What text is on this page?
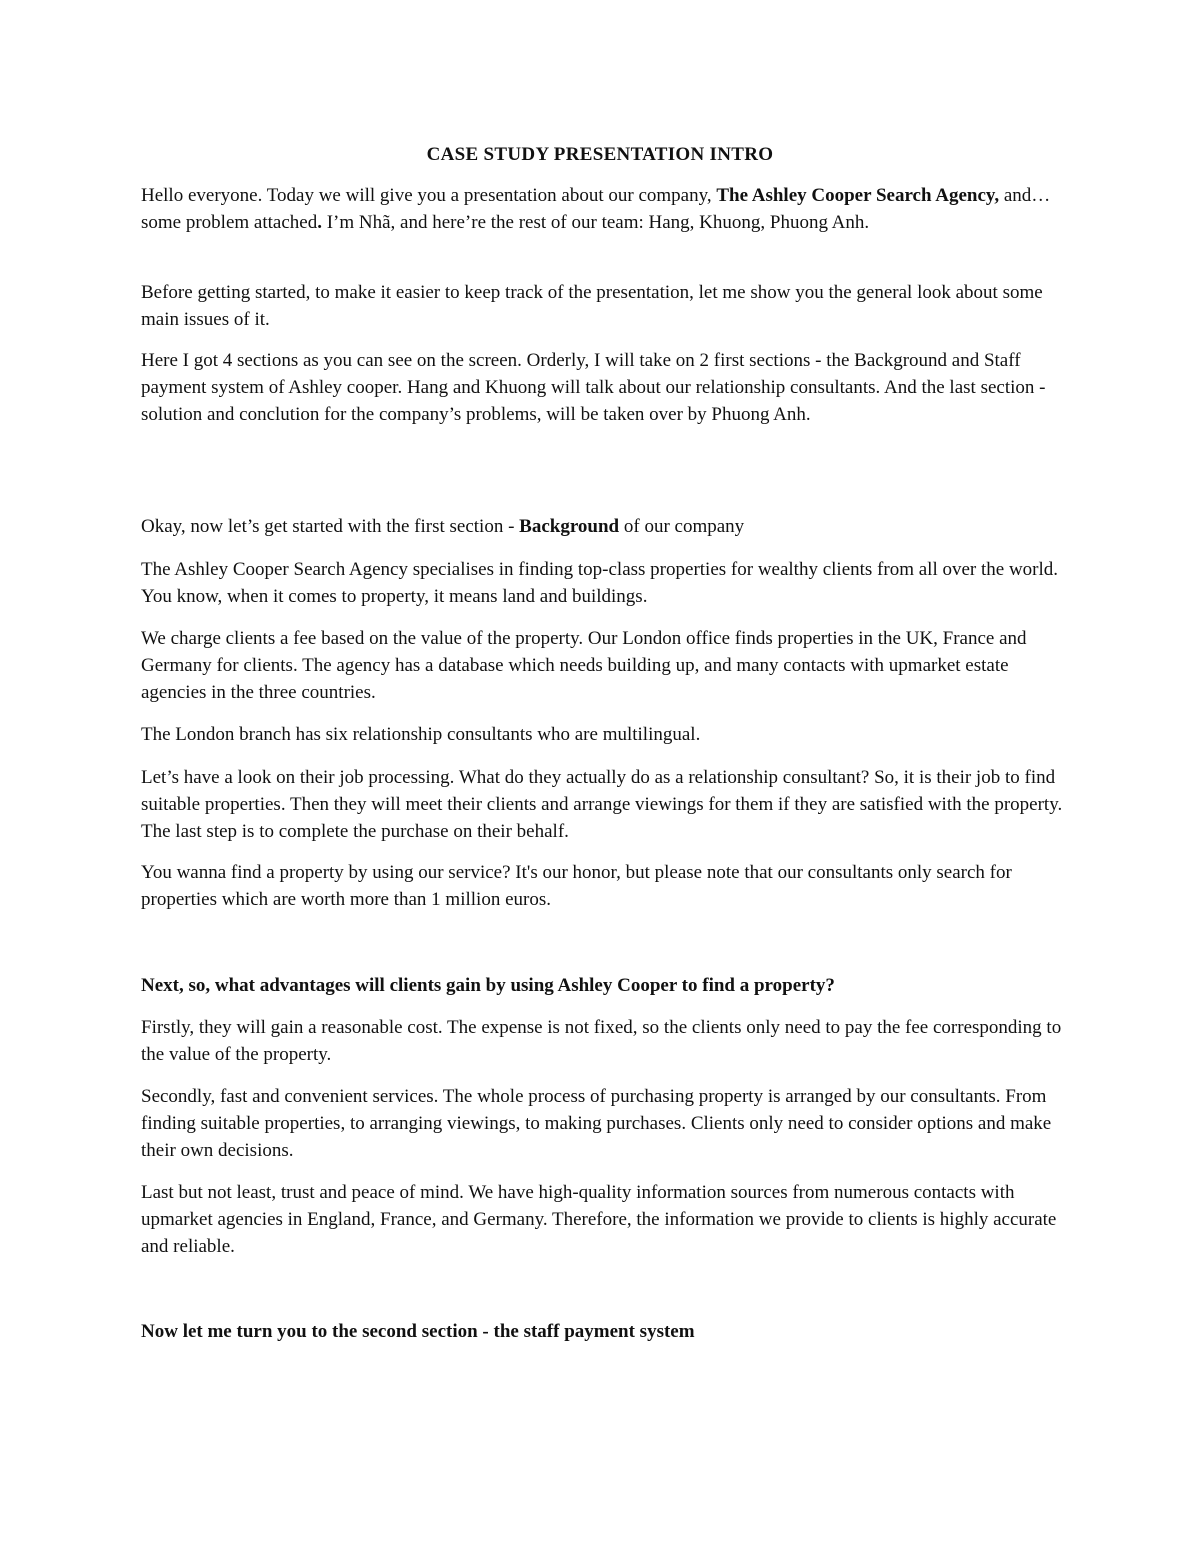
CASE STUDY PRESENTATION INTRO

Hello everyone. Today we will give you a presentation about our company, The Ashley Cooper Search Agency, and… some problem attached. I’m Nhã, and here’re the rest of our team: Hang, Khuong, Phuong Anh.

Before getting started, to make it easier to keep track of the presentation, let me show you the general look about some main issues of it.

Here I got 4 sections as you can see on the screen. Orderly, I will take on 2 first sections - the Background and Staff payment system of Ashley cooper. Hang and Khuong will talk about our relationship consultants. And the last section - solution and conclution for the company’s problems, will be taken over by Phuong Anh.

Okay, now let’s get started with the first section - Background of our company

The Ashley Cooper Search Agency specialises in finding top-class properties for wealthy clients from all over the world. You know, when it comes to property, it means land and buildings.

We charge clients a fee based on the value of the property. Our London office finds properties in the UK, France and Germany for clients. The agency has a database which needs building up, and many contacts with upmarket estate agencies in the three countries.

The London branch has six relationship consultants who are multilingual.

Let’s have a look on their job processing. What do they actually do as a relationship consultant? So, it is their job to find suitable properties. Then they will meet their clients and arrange viewings for them if they are satisfied with the property. The last step is to complete the purchase on their behalf.

You wanna find a property by using our service? It's our honor, but please note that our consultants only search for properties which are worth more than 1 million euros.

Next, so, what advantages will clients gain by using Ashley Cooper to find a property?

Firstly, they will gain a reasonable cost. The expense is not fixed, so the clients only need to pay the fee corresponding to the value of the property.

Secondly, fast and convenient services. The whole process of purchasing property is arranged by our consultants. From finding suitable properties, to arranging viewings, to making purchases. Clients only need to consider options and make their own decisions.

Last but not least, trust and peace of mind. We have high-quality information sources from numerous contacts with upmarket agencies in England, France, and Germany. Therefore, the information we provide to clients is highly accurate and reliable.

Now let me turn you to the second section - the staff payment system
